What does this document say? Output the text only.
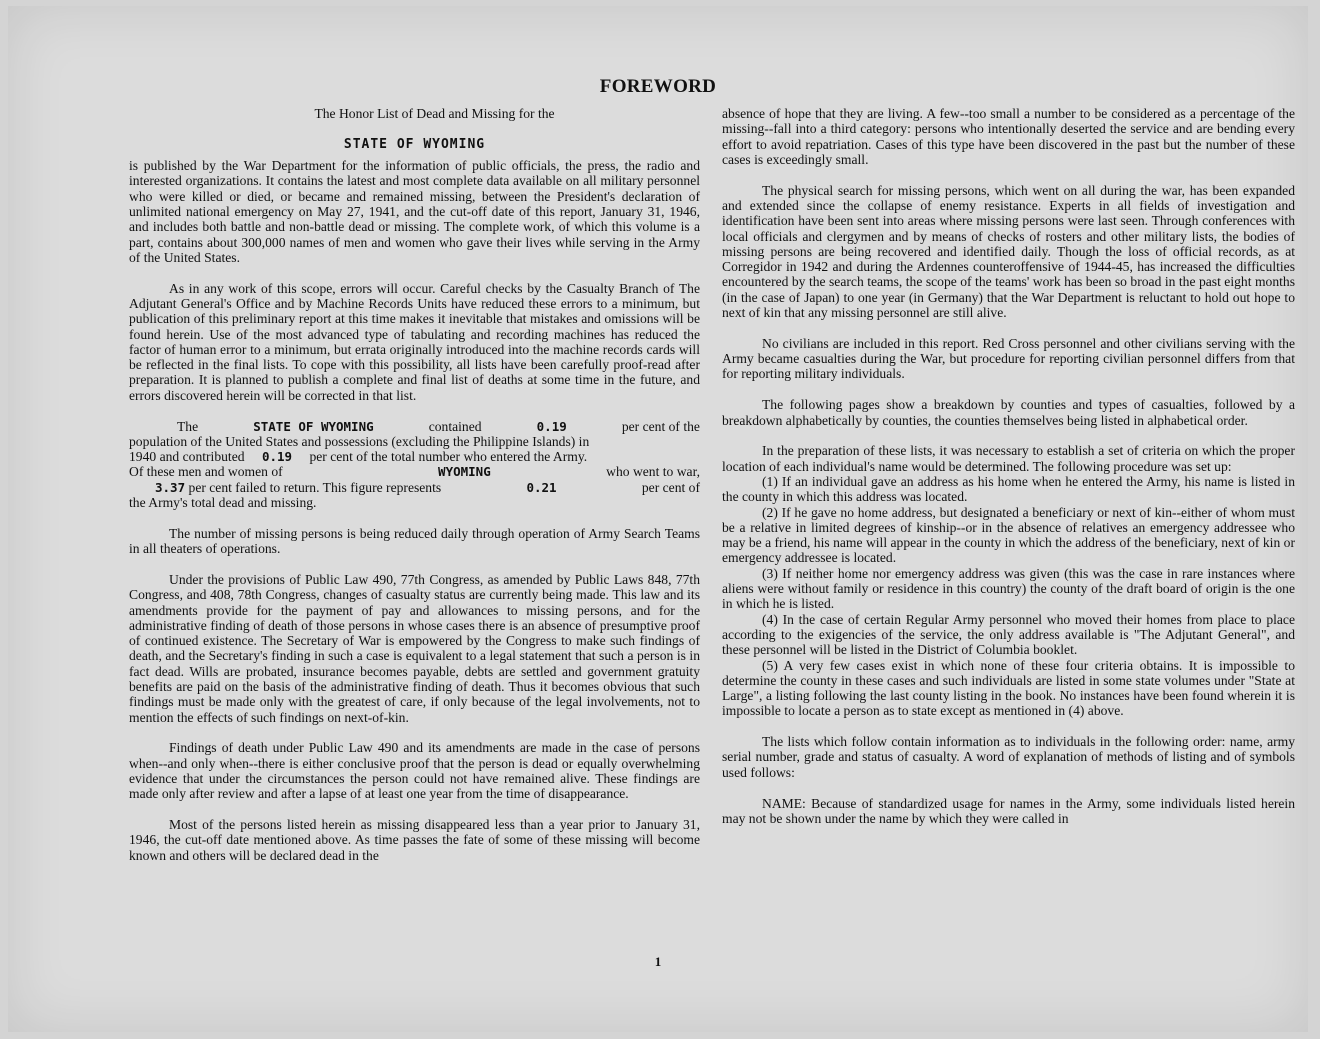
FOREWORD

The Honor List of Dead and Missing for the

STATE OF WYOMING

is published by the War Department for the information of public officials, the press, the radio and interested organizations. It contains the latest and most complete data available on all military personnel who were killed or died, or became and remained missing, between the President's declaration of unlimited national emergency on May 27, 1941, and the cut-off date of this report, January 31, 1946, and includes both battle and non-battle dead or missing. The complete work, of which this volume is a part, contains about 300,000 names of men and women who gave their lives while serving in the Army of the United States.

As in any work of this scope, errors will occur. Careful checks by the Casualty Branch of The Adjutant General's Office and by Machine Records Units have reduced these errors to a minimum, but publication of this preliminary report at this time makes it inevitable that mistakes and omissions will be found herein. Use of the most advanced type of tabulating and recording machines has reduced the factor of human error to a minimum, but errata originally introduced into the machine records cards will be reflected in the final lists. To cope with this possibility, all lists have been carefully proof-read after preparation. It is planned to publish a complete and final list of deaths at some time in the future, and errors discovered herein will be corrected in that list.

The	STATE OF WYOMING	contained	0.19	per cent of the
population of the United States and possessions (excluding the Philippine Islands) in
1940 and contributed 0.19 per cent of the total number who entered the Army.
Of these men and women of	WYOMING	who went to war,
3.37 per cent failed to return. This figure represents	0.21	per cent of
the Army's total dead and missing.

The number of missing persons is being reduced daily through operation of Army Search Teams in all theaters of operations.

Under the provisions of Public Law 490, 77th Congress, as amended by Public Laws 848, 77th Congress, and 408, 78th Congress, changes of casualty status are currently being made. This law and its amendments provide for the payment of pay and allowances to missing persons, and for the administrative finding of death of those persons in whose cases there is an absence of presumptive proof of continued existence. The Secretary of War is empowered by the Congress to make such findings of death, and the Secretary's finding in such a case is equivalent to a legal statement that such a person is in fact dead. Wills are probated, insurance becomes payable, debts are settled and government gratuity benefits are paid on the basis of the administrative finding of death. Thus it becomes obvious that such findings must be made only with the greatest of care, if only because of the legal involvements, not to mention the effects of such findings on next-of-kin.

Findings of death under Public Law 490 and its amendments are made in the case of persons when--and only when--there is either conclusive proof that the person is dead or equally overwhelming evidence that under the circumstances the person could not have remained alive. These findings are made only after review and after a lapse of at least one year from the time of disappearance.

Most of the persons listed herein as missing disappeared less than a year prior to January 31, 1946, the cut-off date mentioned above. As time passes the fate of some of these missing will become known and others will be declared dead in the

absence of hope that they are living. A few--too small a number to be considered as a percentage of the missing--fall into a third category: persons who intentionally deserted the service and are bending every effort to avoid repatriation. Cases of this type have been discovered in the past but the number of these cases is exceedingly small.

The physical search for missing persons, which went on all during the war, has been expanded and extended since the collapse of enemy resistance. Experts in all fields of investigation and identification have been sent into areas where missing persons were last seen. Through conferences with local officials and clergymen and by means of checks of rosters and other military lists, the bodies of missing persons are being recovered and identified daily. Though the loss of official records, as at Corregidor in 1942 and during the Ardennes counteroffensive of 1944-45, has increased the difficulties encountered by the search teams, the scope of the teams' work has been so broad in the past eight months (in the case of Japan) to one year (in Germany) that the War Department is reluctant to hold out hope to next of kin that any missing personnel are still alive.

No civilians are included in this report. Red Cross personnel and other civilians serving with the Army became casualties during the War, but procedure for reporting civilian personnel differs from that for reporting military individuals.

The following pages show a breakdown by counties and types of casualties, followed by a breakdown alphabetically by counties, the counties themselves being listed in alphabetical order.

In the preparation of these lists, it was necessary to establish a set of criteria on which the proper location of each individual's name would be determined. The following procedure was set up:

(1) If an individual gave an address as his home when he entered the Army, his name is listed in the county in which this address was located.
(2) If he gave no home address, but designated a beneficiary or next of kin--either of whom must be a relative in limited degrees of kinship--or in the absence of relatives an emergency addressee who may be a friend, his name will appear in the county in which the address of the beneficiary, next of kin or emergency addressee is located.
(3) If neither home nor emergency address was given (this was the case in rare instances where aliens were without family or residence in this country) the county of the draft board of origin is the one in which he is listed.
(4) In the case of certain Regular Army personnel who moved their homes from place to place according to the exigencies of the service, the only address available is "The Adjutant General", and these personnel will be listed in the District of Columbia booklet.
(5) A very few cases exist in which none of these four criteria obtains. It is impossible to determine the county in these cases and such individuals are listed in some state volumes under "State at Large", a listing following the last county listing in the book. No instances have been found wherein it is impossible to locate a person as to state except as mentioned in (4) above.

The lists which follow contain information as to individuals in the following order: name, army serial number, grade and status of casualty. A word of explanation of methods of listing and of symbols used follows:

NAME: Because of standardized usage for names in the Army, some individuals listed herein may not be shown under the name by which they were called in

1
